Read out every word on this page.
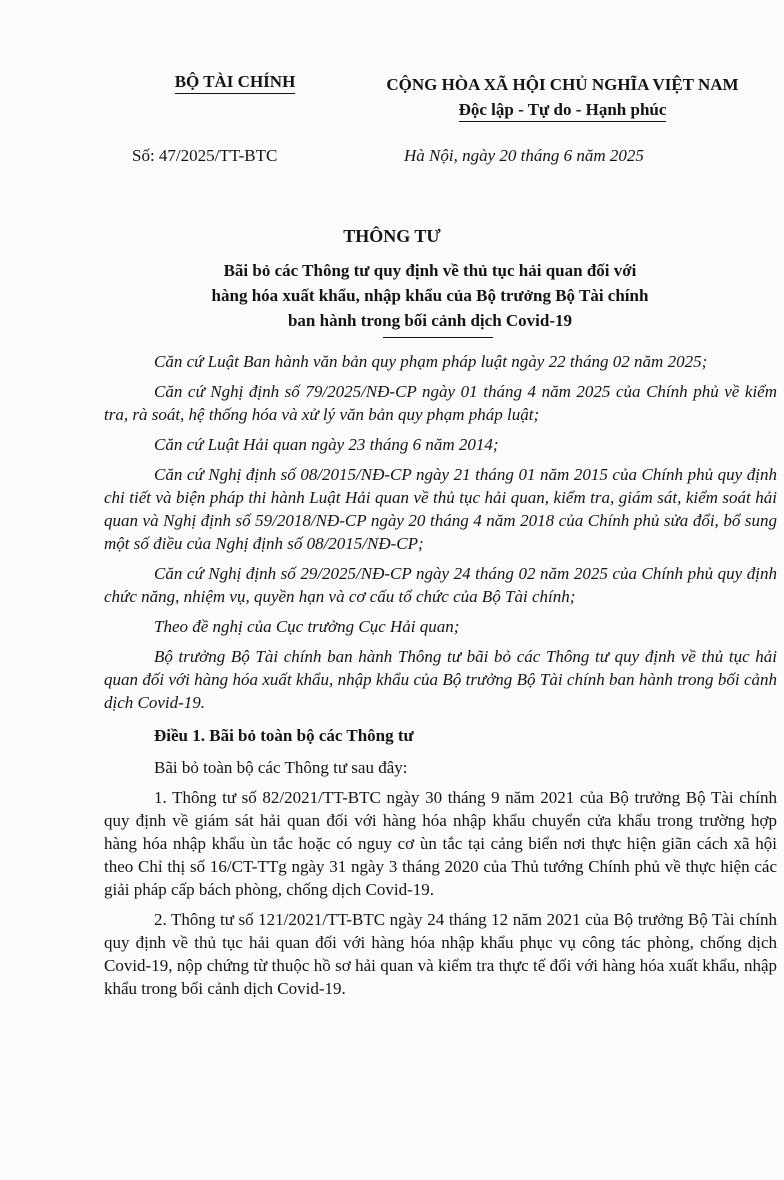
BỘ TÀI CHÍNH	CỘNG HÒA XÃ HỘI CHỦ NGHĨA VIỆT NAM
Độc lập - Tự do - Hạnh phúc
Số: 47/2025/TT-BTC	Hà Nội, ngày 20 tháng 6 năm 2025
THÔNG TƯ
Bãi bỏ các Thông tư quy định về thủ tục hải quan đối với
hàng hóa xuất khẩu, nhập khẩu của Bộ trưởng Bộ Tài chính
ban hành trong bối cảnh dịch Covid-19

Căn cứ Luật Ban hành văn bản quy phạm pháp luật ngày 22 tháng 02 năm 2025;

Căn cứ Nghị định số 79/2025/NĐ-CP ngày 01 tháng 4 năm 2025 của Chính phủ về kiểm tra, rà soát, hệ thống hóa và xử lý văn bản quy phạm pháp luật;

Căn cứ Luật Hải quan ngày 23 tháng 6 năm 2014;

Căn cứ Nghị định số 08/2015/NĐ-CP ngày 21 tháng 01 năm 2015 của Chính phủ quy định chi tiết và biện pháp thi hành Luật Hải quan về thủ tục hải quan, kiểm tra, giám sát, kiểm soát hải quan và Nghị định số 59/2018/NĐ-CP ngày 20 tháng 4 năm 2018 của Chính phủ sửa đổi, bổ sung một số điều của Nghị định số 08/2015/NĐ-CP;

Căn cứ Nghị định số 29/2025/NĐ-CP ngày 24 tháng 02 năm 2025 của Chính phủ quy định chức năng, nhiệm vụ, quyền hạn và cơ cấu tổ chức của Bộ Tài chính;

Theo đề nghị của Cục trưởng Cục Hải quan;

Bộ trưởng Bộ Tài chính ban hành Thông tư bãi bỏ các Thông tư quy định về thủ tục hải quan đối với hàng hóa xuất khẩu, nhập khẩu của Bộ trưởng Bộ Tài chính ban hành trong bối cảnh dịch Covid-19.

Điều 1. Bãi bỏ toàn bộ các Thông tư

Bãi bỏ toàn bộ các Thông tư sau đây:

1. Thông tư số 82/2021/TT-BTC ngày 30 tháng 9 năm 2021 của Bộ trưởng Bộ Tài chính quy định về giám sát hải quan đối với hàng hóa nhập khẩu chuyển cửa khẩu trong trường hợp hàng hóa nhập khẩu ùn tắc hoặc có nguy cơ ùn tắc tại cảng biển nơi thực hiện giãn cách xã hội theo Chỉ thị số 16/CT-TTg ngày 31 ngày 3 tháng 2020 của Thủ tướng Chính phủ về thực hiện các giải pháp cấp bách phòng, chống dịch Covid-19.

2. Thông tư số 121/2021/TT-BTC ngày 24 tháng 12 năm 2021 của Bộ trưởng Bộ Tài chính quy định về thủ tục hải quan đối với hàng hóa nhập khẩu phục vụ công tác phòng, chống dịch Covid-19, nộp chứng từ thuộc hồ sơ hải quan và kiểm tra thực tế đối với hàng hóa xuất khẩu, nhập khẩu trong bối cảnh dịch Covid-19.
